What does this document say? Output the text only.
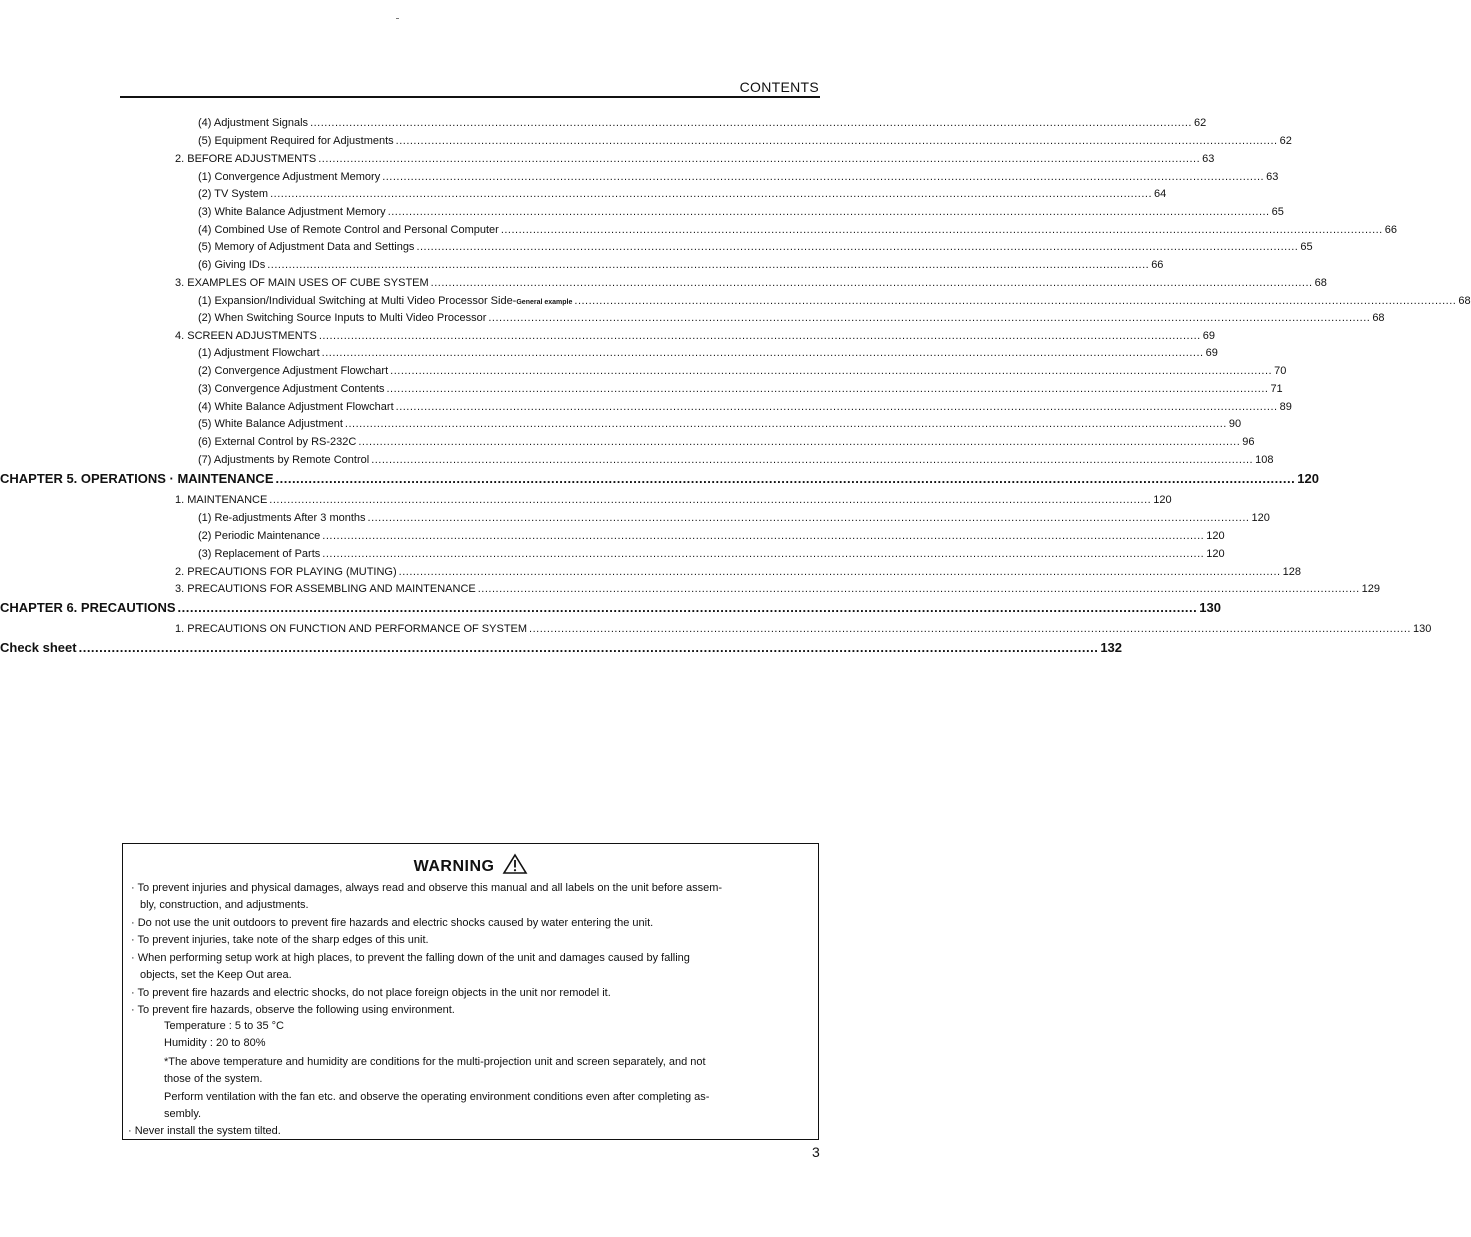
CONTENTS
(4) Adjustment Signals .....	62
(5) Equipment Required for Adjustments .....	62
2. BEFORE ADJUSTMENTS .....	63
(1) Convergence Adjustment Memory .....	63
(2) TV System .....	64
(3) White Balance Adjustment Memory .....	65
(4) Combined Use of Remote Control and Personal Computer .....	66
(5) Memory of Adjustment Data and Settings .....	65
(6) Giving IDs .....	66
3. EXAMPLES OF MAIN USES OF CUBE SYSTEM .....	68
(1) Expansion/Individual Switching at Multi Video Processor Side- General example .....	68
(2) When Switching Source Inputs to Multi Video Processor .....	68
4. SCREEN ADJUSTMENTS .....	69
(1) Adjustment Flowchart .....	69
(2) Convergence Adjustment Flowchart .....	70
(3) Convergence Adjustment Contents .....	71
(4) White Balance Adjustment Flowchart .....	89
(5) White Balance Adjustment .....	90
(6) External Control by RS-232C .....	96
(7) Adjustments by Remote Control .....	108
CHAPTER 5. OPERATIONS · MAINTENANCE .....	120
1. MAINTENANCE .....	120
(1) Re-adjustments After 3 months .....	120
(2) Periodic Maintenance .....	120
(3) Replacement of Parts .....	120
2. PRECAUTIONS FOR PLAYING (MUTING) .....	128
3. PRECAUTIONS FOR ASSEMBLING AND MAINTENANCE .....	129
CHAPTER 6. PRECAUTIONS .....	130
1. PRECAUTIONS ON FUNCTION AND PERFORMANCE OF SYSTEM .....	130
Check sheet .....	132
WARNING
· To prevent injuries and physical damages, always read and observe this manual and all labels on the unit before assem-
bly, construction, and adjustments.
· Do not use the unit outdoors to prevent fire hazards and electric shocks caused by water entering the unit.
· To prevent injuries, take note of the sharp edges of this unit.
· When performing setup work at high places, to prevent the falling down of the unit and damages caused by falling
objects, set the Keep Out area.
· To prevent fire hazards and electric shocks, do not place foreign objects in the unit nor remodel it.
· To prevent fire hazards, observe the following using environment.
Temperature : 5 to 35 °C
Humidity : 20 to 80%
*The above temperature and humidity are conditions for the multi-projection unit and screen separately, and not
those of the system.
Perform ventilation with the fan etc. and observe the operating environment conditions even after completing as-
sembly.
· Never install the system tilted.
3
